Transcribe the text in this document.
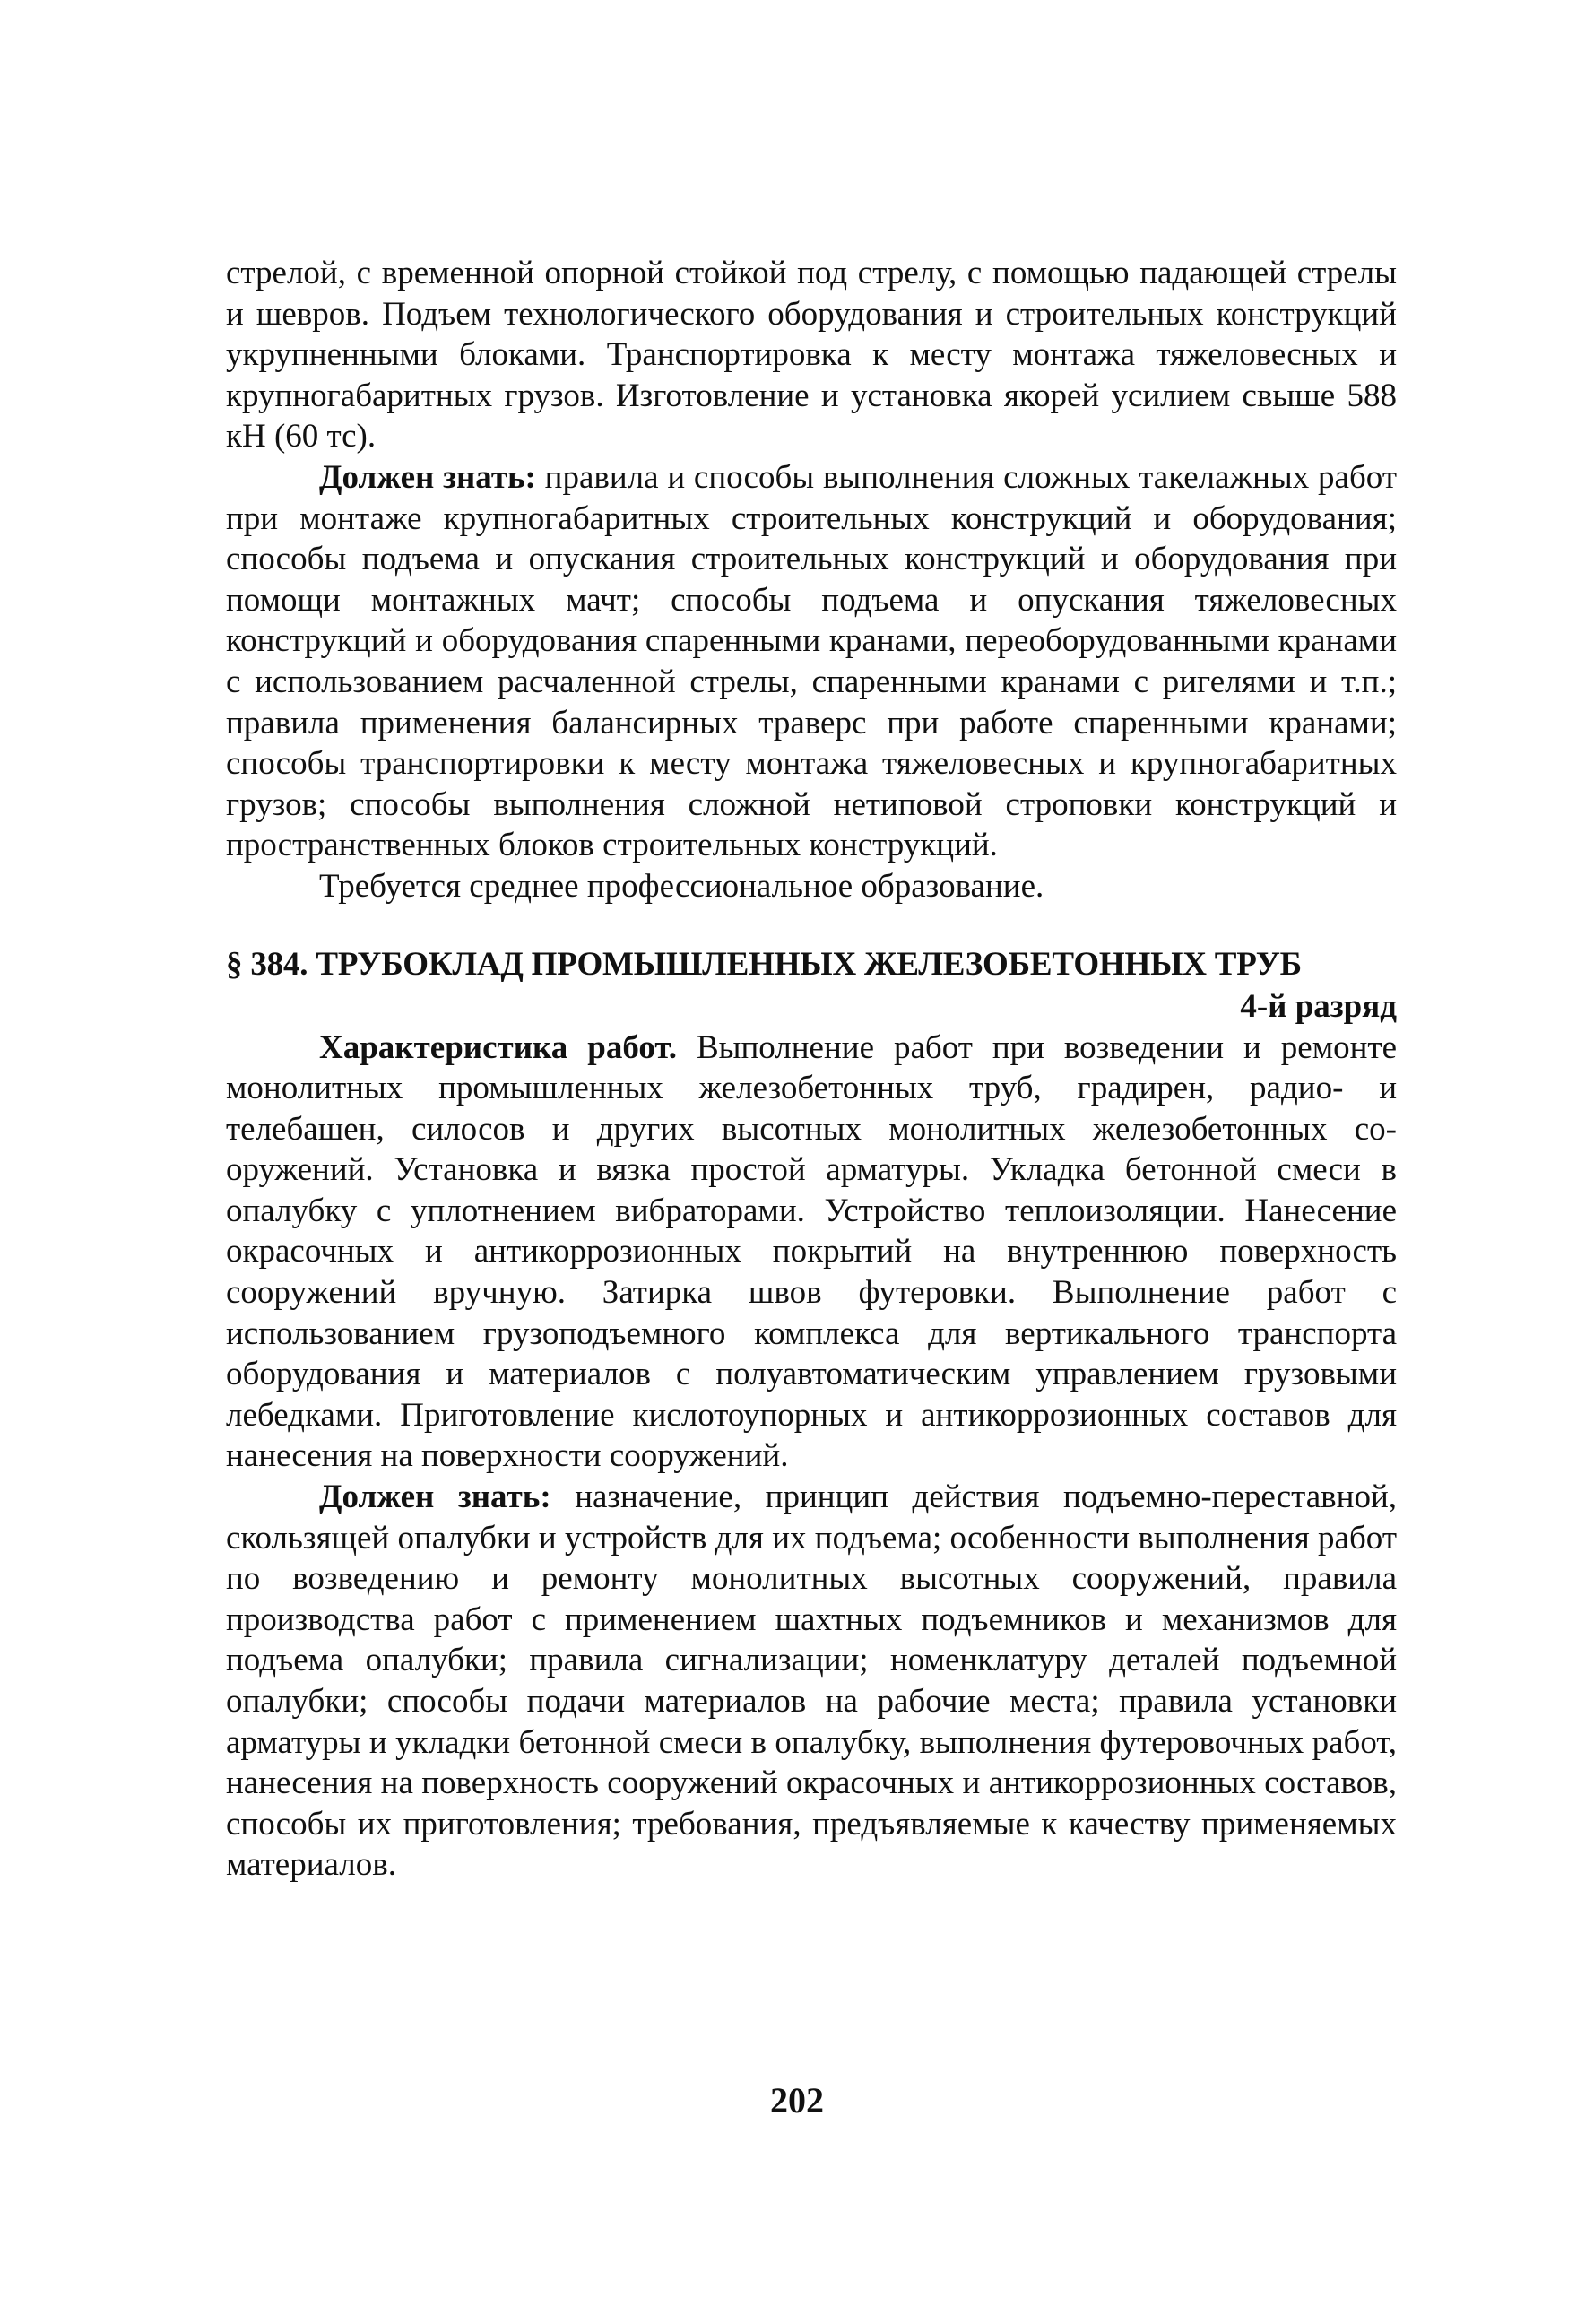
стрелой, с временной опорной стойкой под стрелу, с помощью падающей стрелы и шевров. Подъем технологического оборудования и строительных конструкций укрупненными блоками. Транспортировка к месту монтажа тяжеловесных и крупногабаритных грузов. Изготовление и установка якорей усилием свыше 588 кН (60 тс).

Должен знать: правила и способы выполнения сложных такелажных работ при монтаже крупногабаритных строительных конструкций и оборудования; способы подъема и опускания строительных конструкций и оборудования при помощи монтажных мачт; способы подъема и опускания тяжеловесных конструкций и оборудования спаренными кранами, переоборудованными кранами с использованием расчаленной стрелы, спаренными кранами с ригелями и т.п.; правила применения балансирных траверс при работе спаренными кранами; способы транспортировки к месту монтажа тяжеловесных и крупногабаритных грузов; способы выполнения сложной нетиповой строповки конструкций и пространственных блоков строительных конструкций.

Требуется среднее профессиональное образование.

§ 384. ТРУБОКЛАД ПРОМЫШЛЕННЫХ ЖЕЛЕЗОБЕТОННЫХ ТРУБ

4-й разряд

Характеристика работ. Выполнение работ при возведении и ремонте монолитных промышленных железобетонных труб, градирен, радио- и телебашен, силосов и других высотных монолитных железобетонных сооружений. Установка и вязка простой арматуры. Укладка бетонной смеси в опалубку с уплотнением вибраторами. Устройство теплоизоляции. Нанесение окрасочных и антикоррозионных покрытий на внутреннюю поверхность сооружений вручную. Затирка швов футеровки. Выполнение работ с использованием грузоподъемного комплекса для вертикального транспорта оборудования и материалов с полуавтоматическим управлением грузовыми лебедками. Приготовление кислотоупорных и антикоррозионных составов для нанесения на поверхности сооружений.

Должен знать: назначение, принцип действия подъемно-переставной, скользящей опалубки и устройств для их подъема; особенности выполнения работ по возведению и ремонту монолитных высотных сооружений, правила производства работ с применением шахтных подъемников и механизмов для подъема опалубки; правила сигнализации; номенклатуру деталей подъемной опалубки; способы подачи материалов на рабочие места; правила установки арматуры и укладки бетонной смеси в опалубку, выполнения футеровочных работ, нанесения на поверхность сооружений окрасочных и антикоррозионных составов, способы их приготовления; требования, предъявляемые к качеству применяемых материалов.

202
